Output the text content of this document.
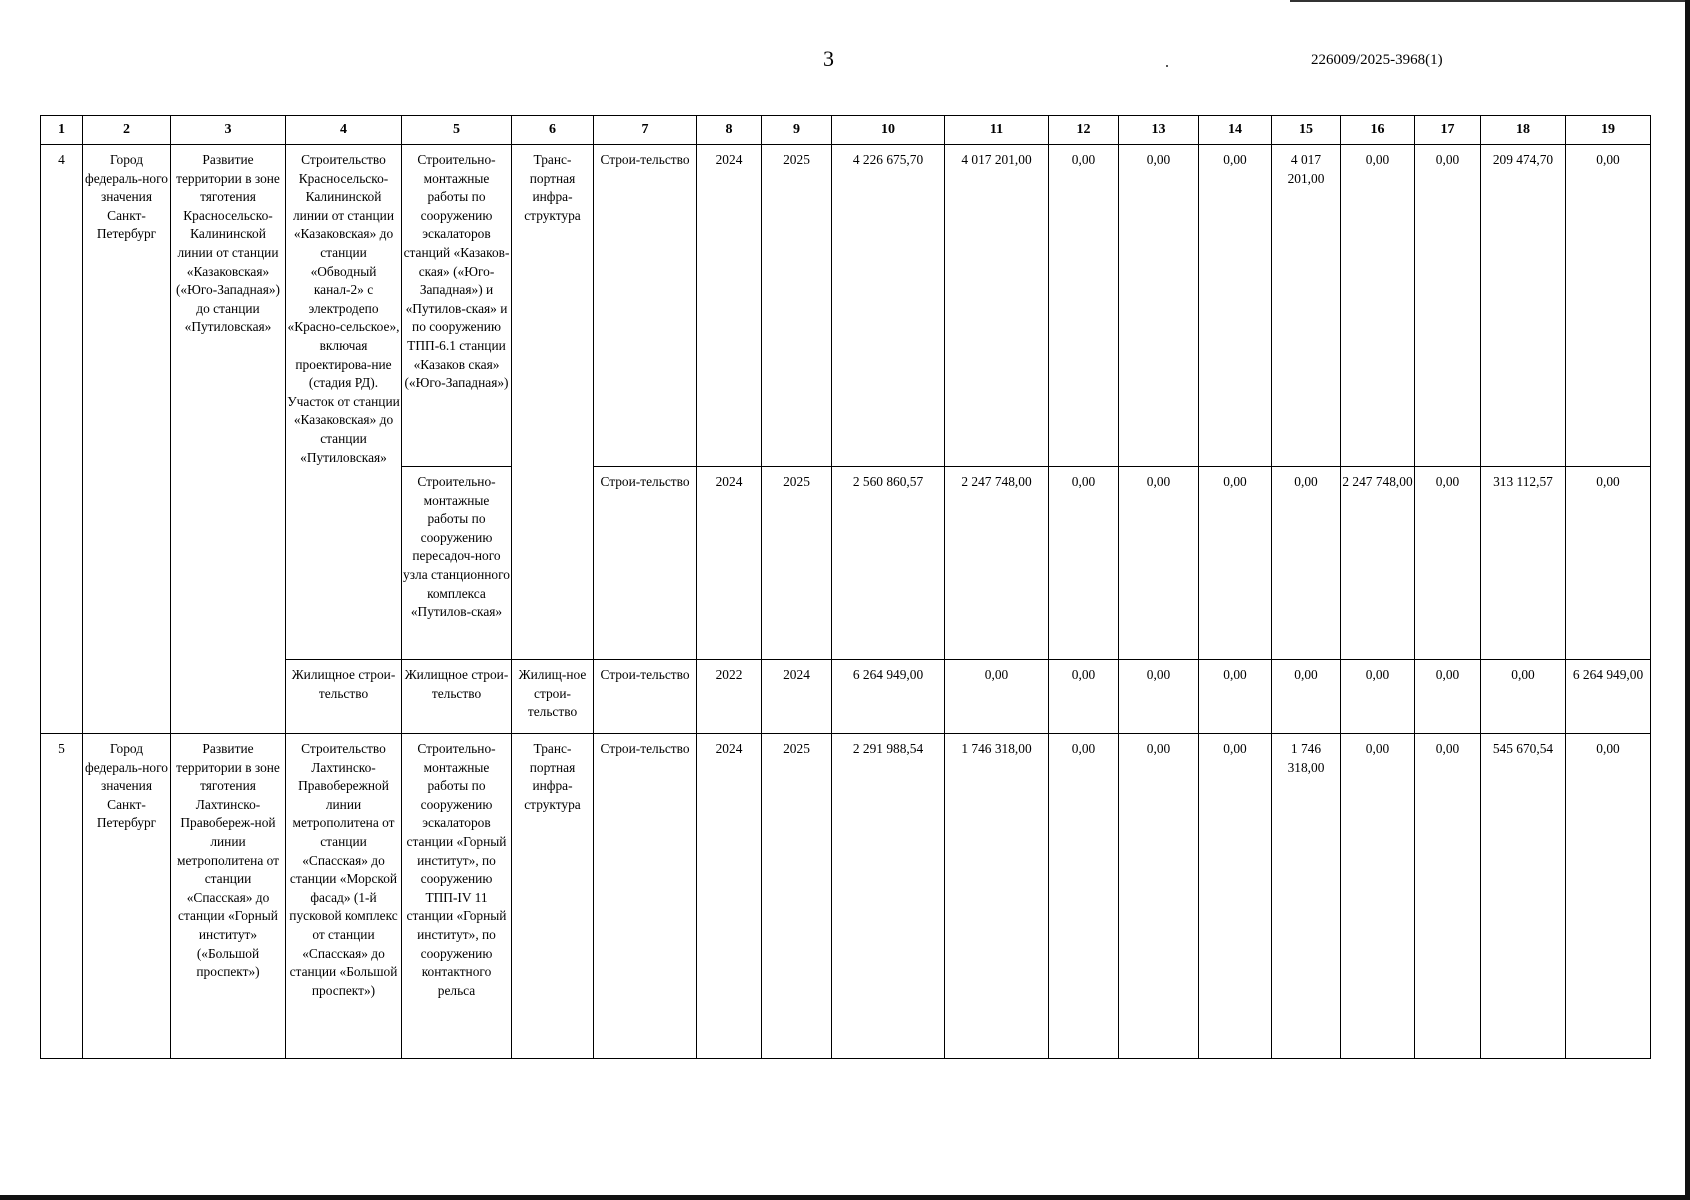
3	226009/2025-3968(1)
1	2	3	4	5	6	7	8	9	10	11	12	13	14	15	16	17	18	19
4	Город федераль-ного значения Санкт-Петербург	Развитие территории в зоне тяготения Красносельско-Калининской линии от станции «Казаковская» («Юго-Западная») до станции «Путиловская»	Строительство Красносельско-Калининской линии от станции «Казаковская» до станции «Обводный канал-2» с электродепо «Красно-сельское», включая проектирова-ние (стадия РД). Участок от станции «Казаковская» до станции «Путиловская»	Строительно-монтажные работы по сооружению эскалаторов станций «Казаков-ская» («Юго-Западная») и «Путилов-ская» и по сооружению ТПП-6.1 станции «Казаков ская» («Юго-Западная»)	Транс-портная инфра-структура	Строи-тельство	2024	2025	4 226 675,70	4 017 201,00	0,00	0,00	0,00	4 017 201,00	0,00	0,00	209 474,70	0,00
				Строительно-монтажные работы по сооружению пересадоч-ного узла станционного комплекса «Путилов-ская»		Строи-тельство	2024	2025	2 560 860,57	2 247 748,00	0,00	0,00	0,00	0,00	2 247 748,00	0,00	313 112,57	0,00
			Жилищное строи-тельство	Жилищное строи-тельство	Жилищ-ное строи-тельство	Строи-тельство	2022	2024	6 264 949,00	0,00	0,00	0,00	0,00	0,00	0,00	0,00	0,00	6 264 949,00
5	Город федераль-ного значения Санкт-Петербург	Развитие территории в зоне тяготения Лахтинско-Правобереж-ной линии метрополитена от станции «Спасская» до станции «Горный институт» («Большой проспект»)	Строительство Лахтинско-Правобережной линии метрополитена от станции «Спасская» до станции «Морской фасад» (1-й пусковой комплекс от станции «Спасская» до станции «Большой проспект»)	Строительно-монтажные работы по сооружению эскалаторов станции «Горный институт», по сооружению ТПП-IV 11 станции «Горный институт», по сооружению контактного рельса	Транс-портная инфра-структура	Строи-тельство	2024	2025	2 291 988,54	1 746 318,00	0,00	0,00	0,00	1 746 318,00	0,00	0,00	545 670,54	0,00
